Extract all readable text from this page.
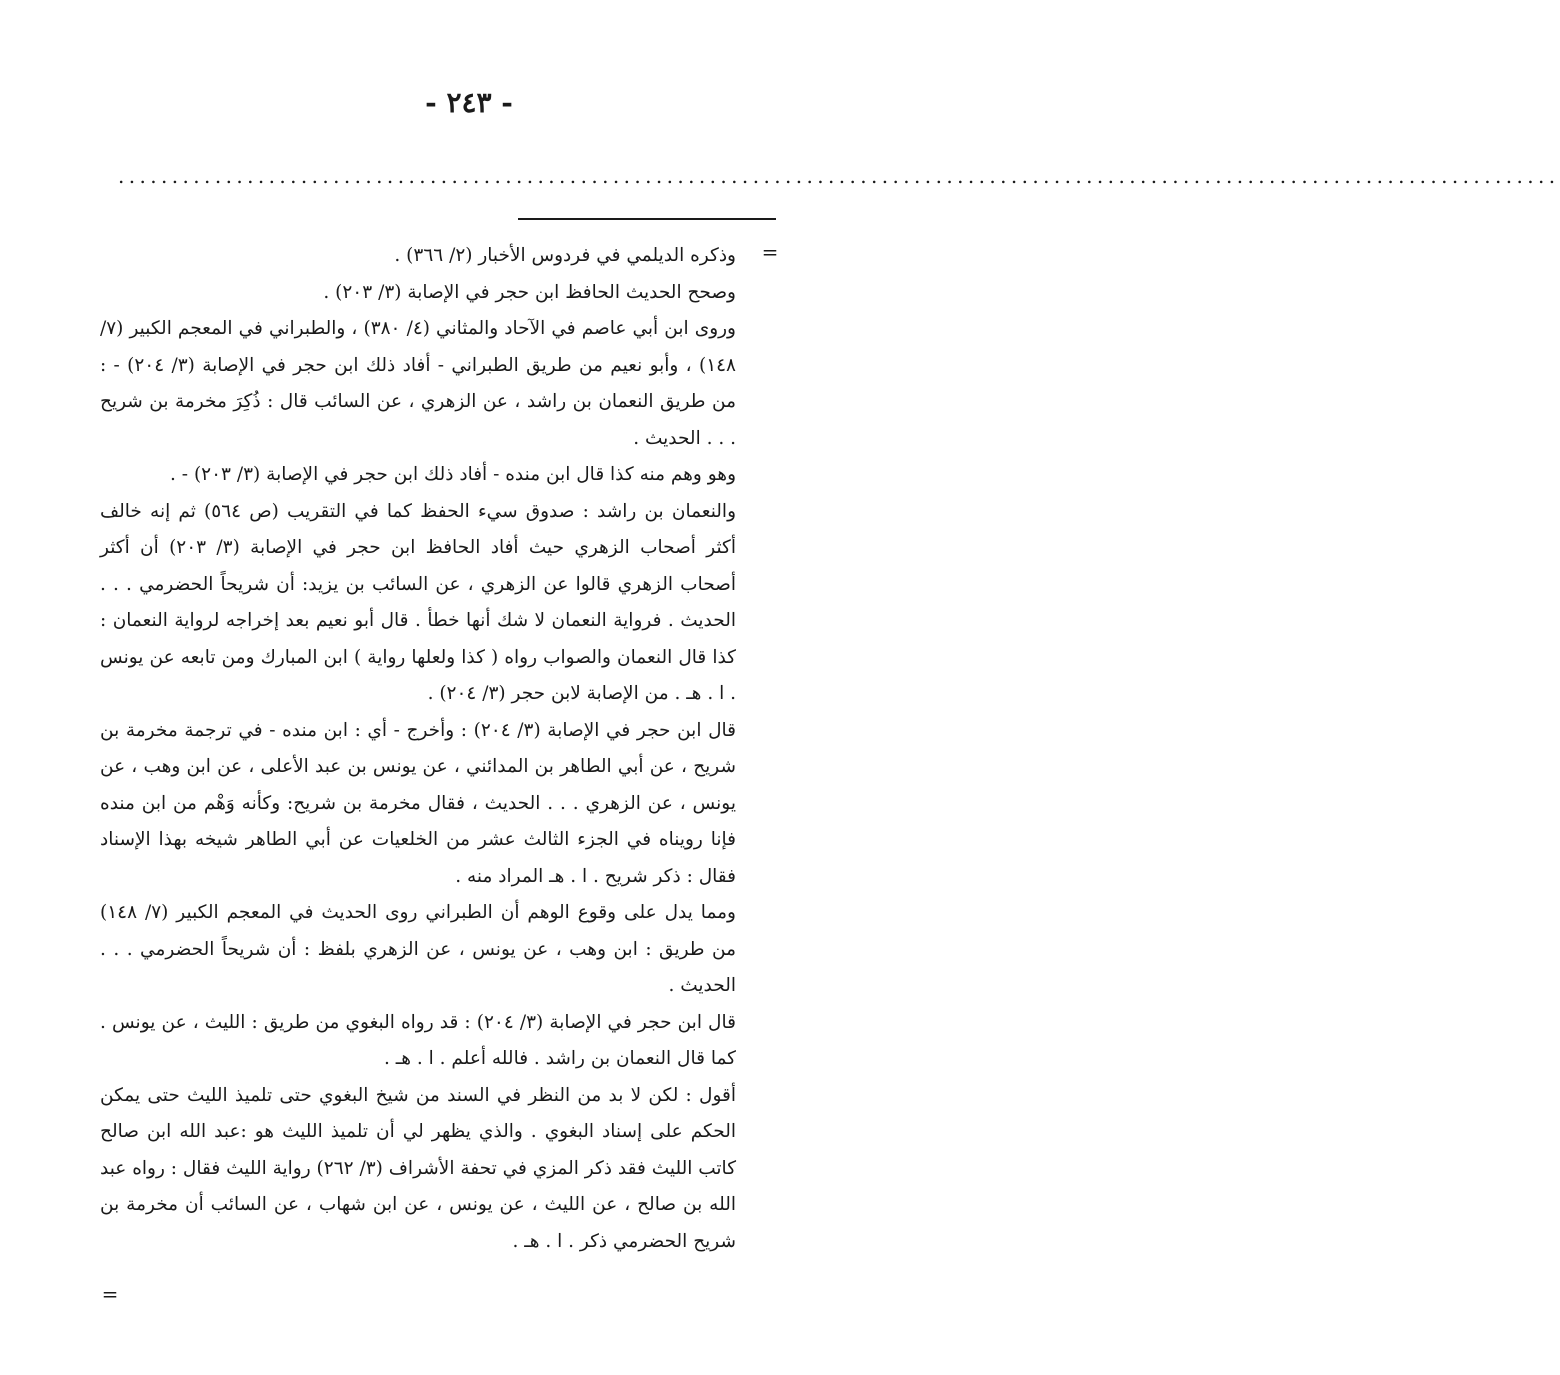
- ٢٤٣ -
......................................................................................................................................
=

وذكره الديلمي في فردوس الأخبار (٢/ ٣٦٦) .

وصحح الحديث الحافظ ابن حجر في الإصابة (٣/ ٢٠٣) .

وروى ابن أبي عاصم في الآحاد والمثاني (٤/ ٣٨٠) ، والطبراني في المعجم الكبير (٧/ ١٤٨) ، وأبو نعيم من طريق الطبراني - أفاد ذلك ابن حجر في الإصابة (٣/ ٢٠٤) - : من طريق النعمان بن راشد ، عن الزهري ، عن السائب قال : ذُكِرَ مخرمة بن شريح . . . الحديث .

وهو وهم منه كذا قال ابن منده - أفاد ذلك ابن حجر في الإصابة (٣/ ٢٠٣) - .

والنعمان بن راشد : صدوق سيء الحفظ كما في التقريب (ص ٥٦٤) ثم إنه خالف أكثر أصحاب الزهري حيث أفاد الحافظ ابن حجر في الإصابة (٣/ ٢٠٣) أن أكثر أصحاب الزهري قالوا عن الزهري ، عن السائب بن يزيد: أن شريحاً الحضرمي . . . الحديث . فرواية النعمان لا شك أنها خطأ . قال أبو نعيم بعد إخراجه لرواية النعمان : كذا قال النعمان والصواب رواه ( كذا ولعلها رواية ) ابن المبارك ومن تابعه عن يونس . ا . هـ . من الإصابة لابن حجر (٣/ ٢٠٤) .

قال ابن حجر في الإصابة (٣/ ٢٠٤) : وأخرج - أي : ابن منده - في ترجمة مخرمة بن شريح ، عن أبي الطاهر بن المدائني ، عن يونس بن عبد الأعلى ، عن ابن وهب ، عن يونس ، عن الزهري . . . الحديث ، فقال مخرمة بن شريح: وكأنه وَهْم من ابن منده فإنا رويناه في الجزء الثالث عشر من الخلعيات عن أبي الطاهر شيخه بهذا الإسناد فقال : ذكر شريح . ا . هـ المراد منه .

ومما يدل على وقوع الوهم أن الطبراني روى الحديث في المعجم الكبير (٧/ ١٤٨) من طريق : ابن وهب ، عن يونس ، عن الزهري بلفظ : أن شريحاً الحضرمي . . . الحديث .

قال ابن حجر في الإصابة (٣/ ٢٠٤) : قد رواه البغوي من طريق : الليث ، عن يونس . كما قال النعمان بن راشد . فالله أعلم . ا . هـ .

أقول : لكن لا بد من النظر في السند من شيخ البغوي حتى تلميذ الليث حتى يمكن الحكم على إسناد البغوي . والذي يظهر لي أن تلميذ الليث هو :عبد الله ابن صالح كاتب الليث فقد ذكر المزي في تحفة الأشراف (٣/ ٢٦٢) رواية الليث فقال : رواه عبد الله بن صالح ، عن الليث ، عن يونس ، عن ابن شهاب ، عن السائب أن مخرمة بن شريح الحضرمي ذكر . ا . هـ .

=
